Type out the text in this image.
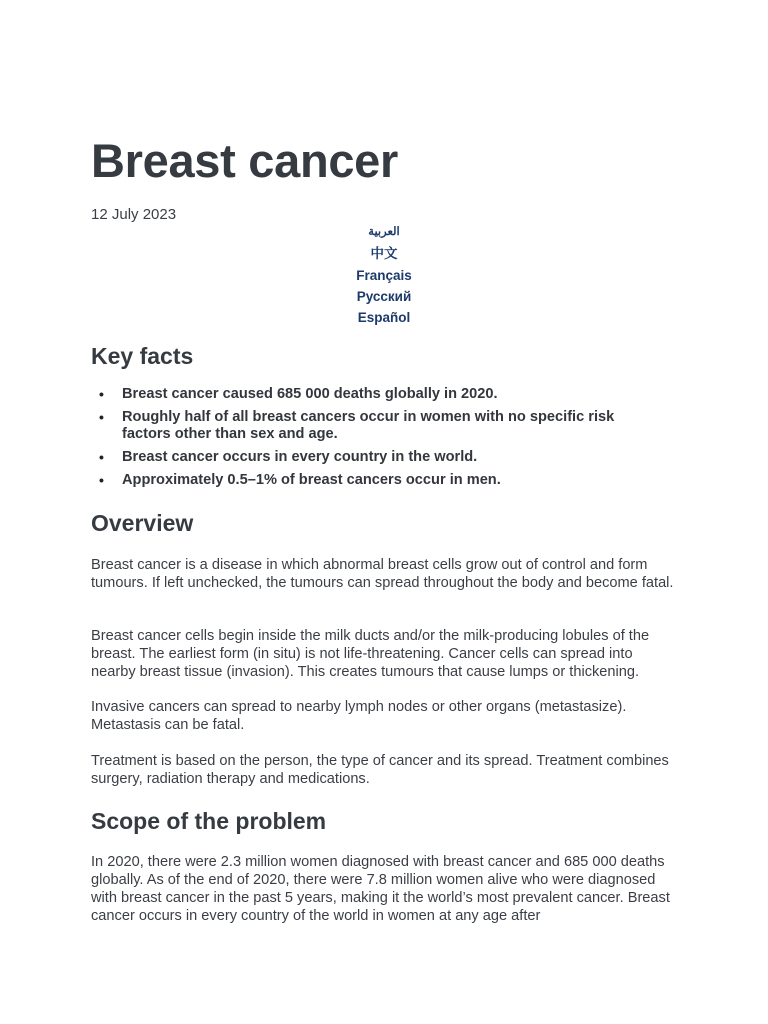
Breast cancer
12 July 2023
العربية
中文
Français
Русский
Español
Key facts
• Breast cancer caused 685 000 deaths globally in 2020.
• Roughly half of all breast cancers occur in women with no specific risk factors other than sex and age.
• Breast cancer occurs in every country in the world.
• Approximately 0.5–1% of breast cancers occur in men.
Overview

Breast cancer is a disease in which abnormal breast cells grow out of control and form tumours. If left unchecked, the tumours can spread throughout the body and become fatal.

Breast cancer cells begin inside the milk ducts and/or the milk-producing lobules of the breast. The earliest form (in situ) is not life-threatening. Cancer cells can spread into nearby breast tissue (invasion). This creates tumours that cause lumps or thickening.

Invasive cancers can spread to nearby lymph nodes or other organs (metastasize). Metastasis can be fatal.

Treatment is based on the person, the type of cancer and its spread. Treatment combines surgery, radiation therapy and medications.

Scope of the problem

In 2020, there were 2.3 million women diagnosed with breast cancer and 685 000 deaths globally. As of the end of 2020, there were 7.8 million women alive who were diagnosed with breast cancer in the past 5 years, making it the world’s most prevalent cancer. Breast cancer occurs in every country of the world in women at any age after
